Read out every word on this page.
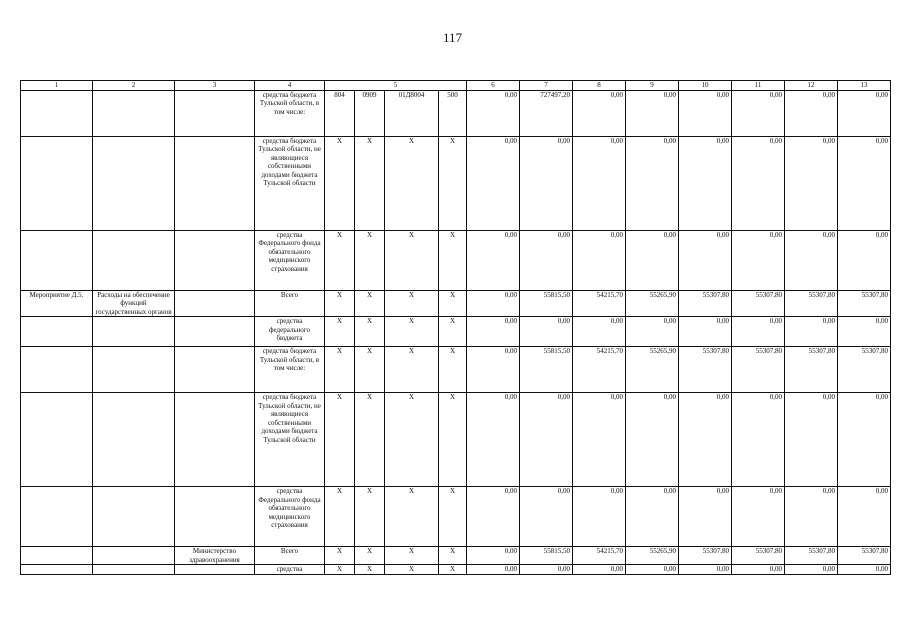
117
1	2	3	4	5				6	7	8	9	10	11	12	13
			средства бюджета Тульской области, в том числе:	804	0909	01Д8004	500	0,00	727497,20	0,00	0,00	0,00	0,00	0,00	0,00
			средства бюджета Тульской области, не являющиеся собственными доходами бюджета Тульской области	X	X	X	X	0,00	0,00	0,00	0,00	0,00	0,00	0,00	0,00
			средства Федерального фонда обязательного медицинского страхования	X	X	X	X	0,00	0,00	0,00	0,00	0,00	0,00	0,00	0,00
Мероприятие Д.5.	Расходы на обеспечение функций государственных органов		Всего	X	X	X	X	0,00	55815,50	54215,70	55265,90	55307,80	55307,80	55307,80	55307,80
			средства федерального бюджета	X	X	X	X	0,00	0,00	0,00	0,00	0,00	0,00	0,00	0,00
			средства бюджета Тульской области, в том числе:	X	X	X	X	0,00	55815,50	54215,70	55265,90	55307,80	55307,80	55307,80	55307,80
			средства бюджета Тульской области, не являющиеся собственными доходами бюджета Тульской области	X	X	X	X	0,00	0,00	0,00	0,00	0,00	0,00	0,00	0,00
			средства Федерального фонда обязательного медицинского страхования	X	X	X	X	0,00	0,00	0,00	0,00	0,00	0,00	0,00	0,00
		Министерство здравоохранения	Всего	X	X	X	X	0,00	55815,50	54215,70	55265,90	55307,80	55307,80	55307,80	55307,80
			средства	X	X	X	X	0,00	0,00	0,00	0,00	0,00	0,00	0,00	0,00
